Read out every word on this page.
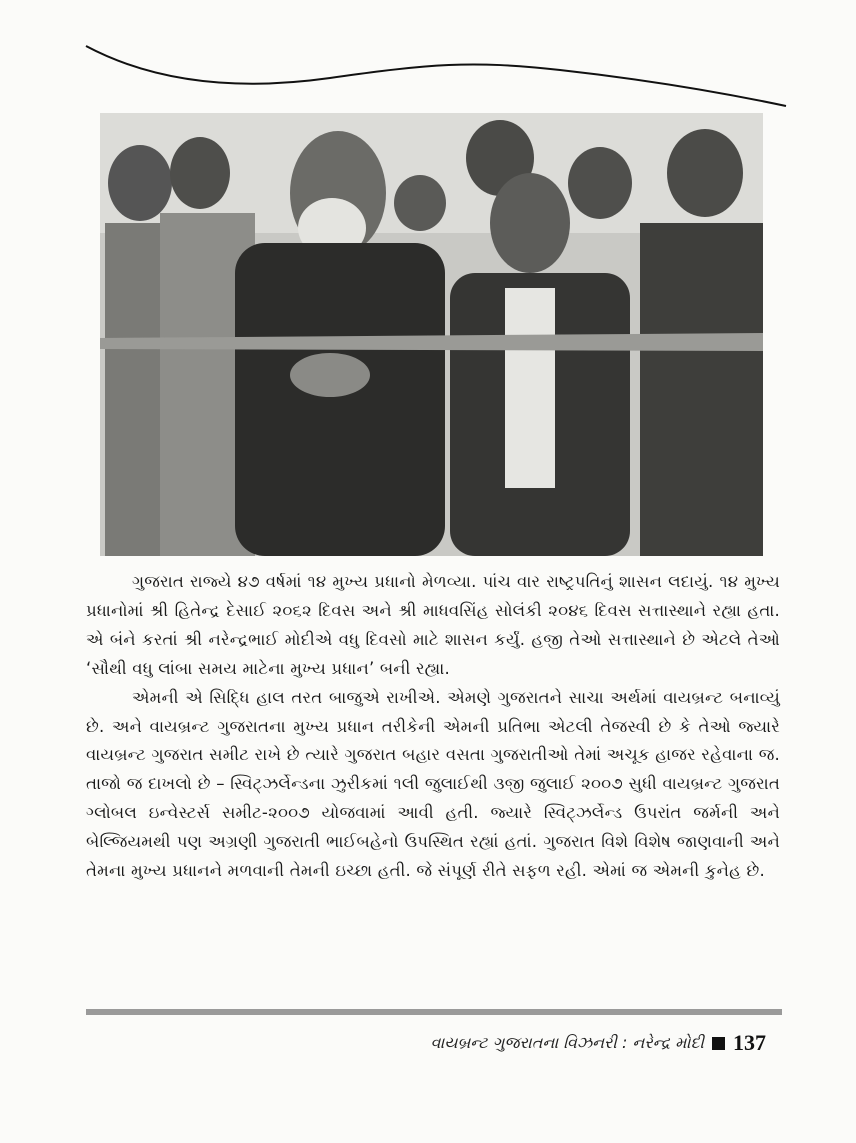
ગુજરાત રાજ્યે ૪૭ વર્ષમાં ૧૪ મુખ્ય પ્રધાનો મેળવ્યા. પાંચ વાર રાષ્ટ્રપતિનું શાસન લદાયું. ૧૪ મુખ્ય પ્રધાનોમાં શ્રી હિતેન્દ્ર દેસાઈ ૨૦૬૨ દિવસ અને શ્રી માધવસિંહ સોલંકી ૨૦૪૬ દિવસ સત્તાસ્થાને રહ્યા હતા. એ બંને કરતાં શ્રી નરેન્દ્રભાઈ મોદીએ વધુ દિવસો માટે શાસન કર્યું. હજી તેઓ સત્તાસ્થાને છે એટલે તેઓ ‘સૌથી વધુ લાંબા સમય માટેના મુખ્ય પ્રધાન’ બની રહ્યા.

એમની એ સિદ્ધિ હાલ તરત બાજુએ રાખીએ. એમણે ગુજરાતને સાચા અર્થમાં વાયબ્રન્ટ બનાવ્યું છે. અને વાયબ્રન્ટ ગુજરાતના મુખ્ય પ્રધાન તરીકેની એમની પ્રતિભા એટલી તેજસ્વી છે કે તેઓ જ્યારે વાયબ્રન્ટ ગુજરાત સમીટ રાખે છે ત્યારે ગુજરાત બહાર વસતા ગુજરાતીઓ તેમાં અચૂક હાજર રહેવાના જ. તાજો જ દાખલો છે – સ્વિટ્ઝર્લેન્ડના ઝુરીકમાં ૧લી જુલાઈથી ૩જી જુલાઈ ૨૦૦૭ સુધી વાયબ્રન્ટ ગુજરાત ગ્લોબલ ઇન્વેસ્ટર્સ સમીટ-૨૦૦૭ યોજવામાં આવી હતી. જ્યારે સ્વિટ્ઝર્લેન્ડ ઉપરાંત જર્મની અને બેલ્જિયમથી પણ અગ્રણી ગુજરાતી ભાઈબહેનો ઉપસ્થિત રહ્યાં હતાં. ગુજરાત વિશે વિશેષ જાણવાની અને તેમના મુખ્ય પ્રધાનને મળવાની તેમની ઇચ્છા હતી. જે સંપૂર્ણ રીતે સફળ રહી. એમાં જ એમની કુનેહ છે.

વાયબ્રન્ટ ગુજરાતના વિઝનરી : નરેન્દ્ર મોદી 137
